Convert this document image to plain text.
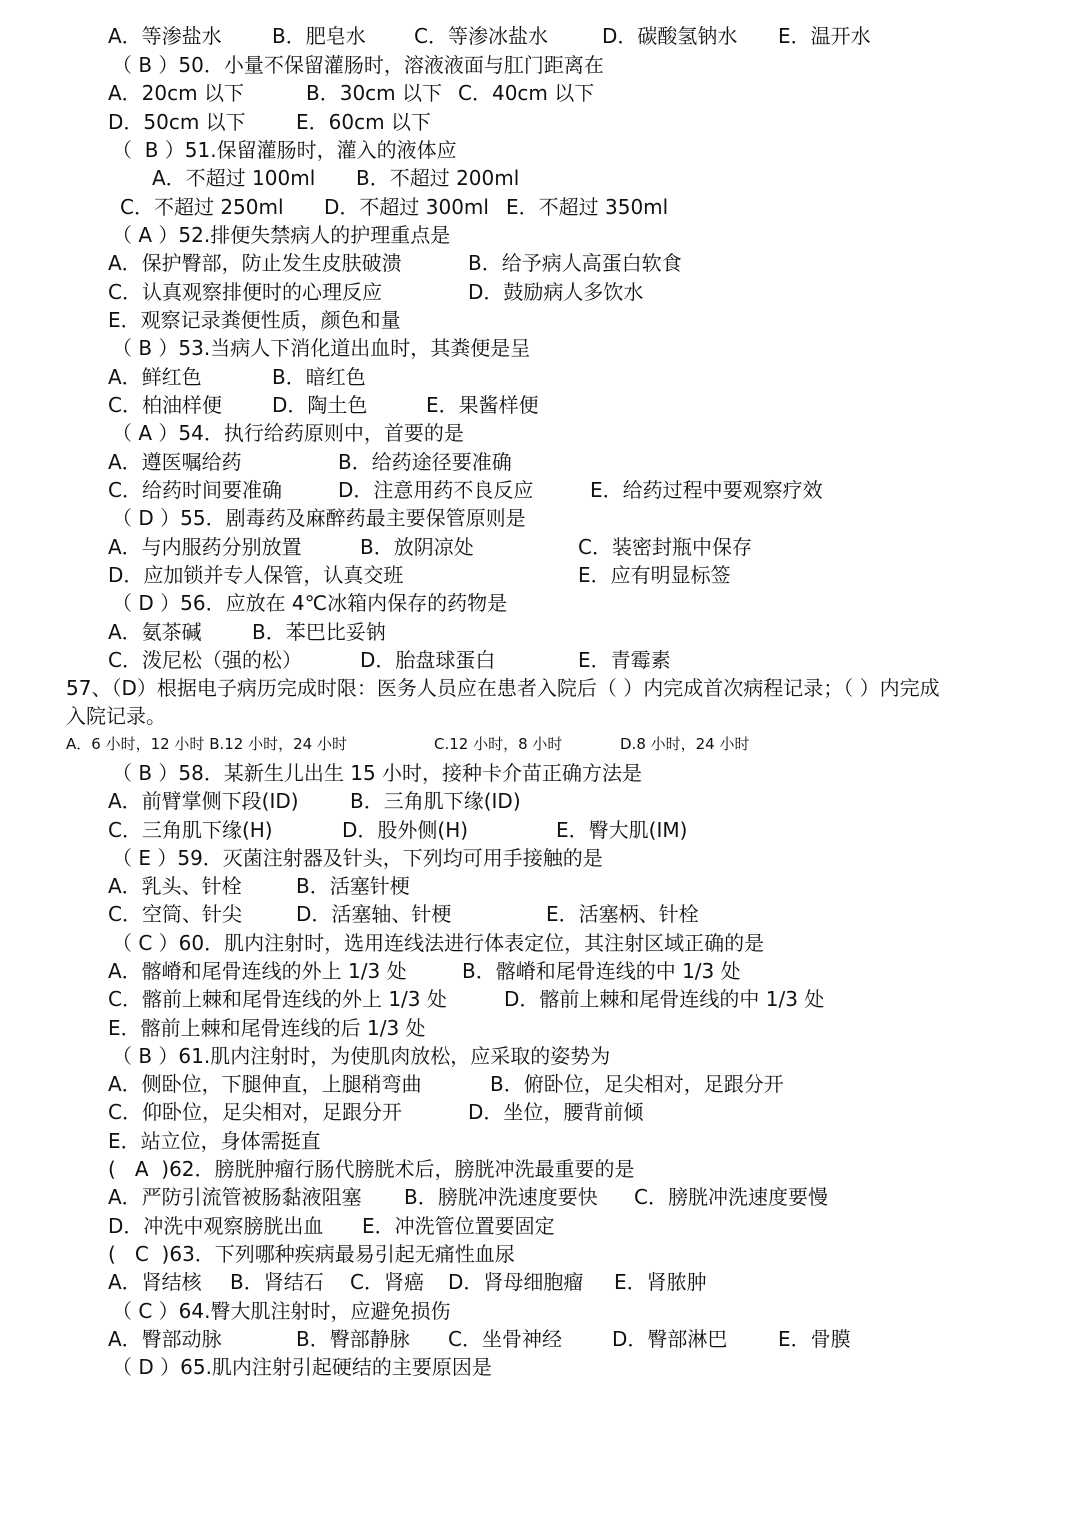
A．等渗盐水

	B．肥皂水

C．等渗冰盐水

	D．碳酸氢钠水

E．温开水

（ B ）50．小量不保留灌肠时，溶液液面与肛门距离在

A．20cm 以下

	B．30cm 以下

C．40cm 以下

D．50cm 以下

	E．60cm 以下

（  B ）51.保留灌肠时，灌入的液体应

A．不超过 100ml

B．不超过 200ml

C．不超过 250ml

D．不超过 300ml

E．不超过 350ml

（ A ）52.排便失禁病人的护理重点是

A．保护臀部，防止发生皮肤破溃

	B．给予病人高蛋白软食

C．认真观察排便时的心理反应

	D．鼓励病人多饮水

E．观察记录粪便性质，颜色和量

（ B ）53.当病人下消化道出血时，其粪便是呈

A．鲜红色

	B．暗红色

C．柏油样便

	D．陶土色

	E．果酱样便

（ A ）54．执行给药原则中，首要的是

A．遵医嘱给药

	B．给药途径要准确

C．给药时间要准确

	D．注意用药不良反应

	E．给药过程中要观察疗效

（ D ）55．剧毒药及麻醉药最主要保管原则是

A．与内服药分别放置

	B．放阴凉处

	C．装密封瓶中保存

D．应加锁并专人保管，认真交班

	E．应有明显标签

（ D ）56．应放在 4℃冰箱内保存的药物是

A．氨茶碱

	B．苯巴比妥钠

C．泼尼松（强的松）

	D．胎盘球蛋白

	E．青霉素

57、（D）根据电子病历完成时限：医务人员应在患者入院后（ ）内完成首次病程记录；（ ）内完成

入院记录。

A．6 小时，12 小时 B.12 小时，24 小时

	C.12 小时，8 小时

	D.8 小时，24 小时

（ B ）58．某新生儿出生 15 小时，接种卡介苗正确方法是

A．前臂掌侧下段(ID)

	B．三角肌下缘(ID)

C．三角肌下缘(H)

	D．股外侧(H)

	E．臀大肌(IM)

（ E ）59．灭菌注射器及针头，下列均可用手接触的是

A．乳头、针栓

	B．活塞针梗

C．空筒、针尖

	D．活塞轴、针梗

	E．活塞柄、针栓

（ C ）60．肌内注射时，选用连线法进行体表定位，其注射区域正确的是

A．髂嵴和尾骨连线的外上 1/3 处

	B．髂嵴和尾骨连线的中 1/3 处

C．髂前上棘和尾骨连线的外上 1/3 处

	D．髂前上棘和尾骨连线的中 1/3 处

E．髂前上棘和尾骨连线的后 1/3 处

（ B ）61.肌内注射时，为使肌肉放松，应采取的姿势为

A．侧卧位，下腿伸直，上腿稍弯曲

	B．俯卧位，足尖相对，足跟分开

C．仰卧位，足尖相对，足跟分开

	D．坐位，腰背前倾

E．站立位，身体需挺直

(   A  )62．膀胱肿瘤行肠代膀胱术后，膀胱冲洗最重要的是

A．严防引流管被肠黏液阻塞

B．膀胱冲洗速度要快

C．膀胱冲洗速度要慢

D．冲洗中观察膀胱出血

E．冲洗管位置要固定

(   C  )63．下列哪种疾病最易引起无痛性血尿

A．肾结核

B．肾结石

C．肾癌

D．肾母细胞瘤

E．肾脓肿

（ C ）64.臀大肌注射时，应避免损伤

A．臀部动脉

	B．臀部静脉

C．坐骨神经

	D．臀部淋巴

	E．骨膜

（ D ）65.肌内注射引起硬结的主要原因是
